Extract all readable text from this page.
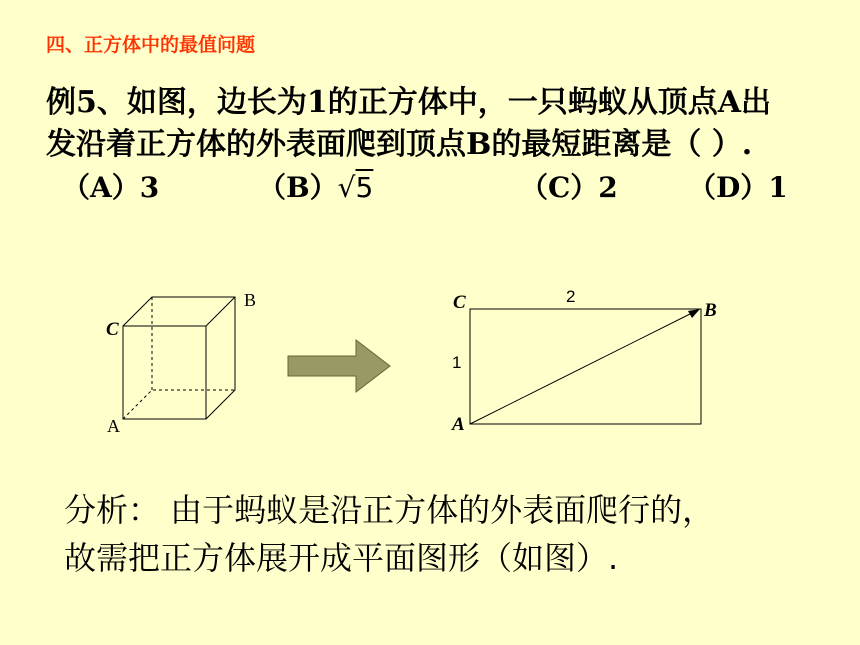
四、正方体中的最值问题
例5、如图，边长为1的正方体中，一只蚂蚁从顶点A出
发沿着正方体的外表面爬到顶点B的最短距离是（ ）.
（A）3	（B）√5	（C）2	（D）1
B
C
A
C	B
A
2
1
分析： 由于蚂蚁是沿正方体的外表面爬行的，
故需把正方体展开成平面图形（如图）.
